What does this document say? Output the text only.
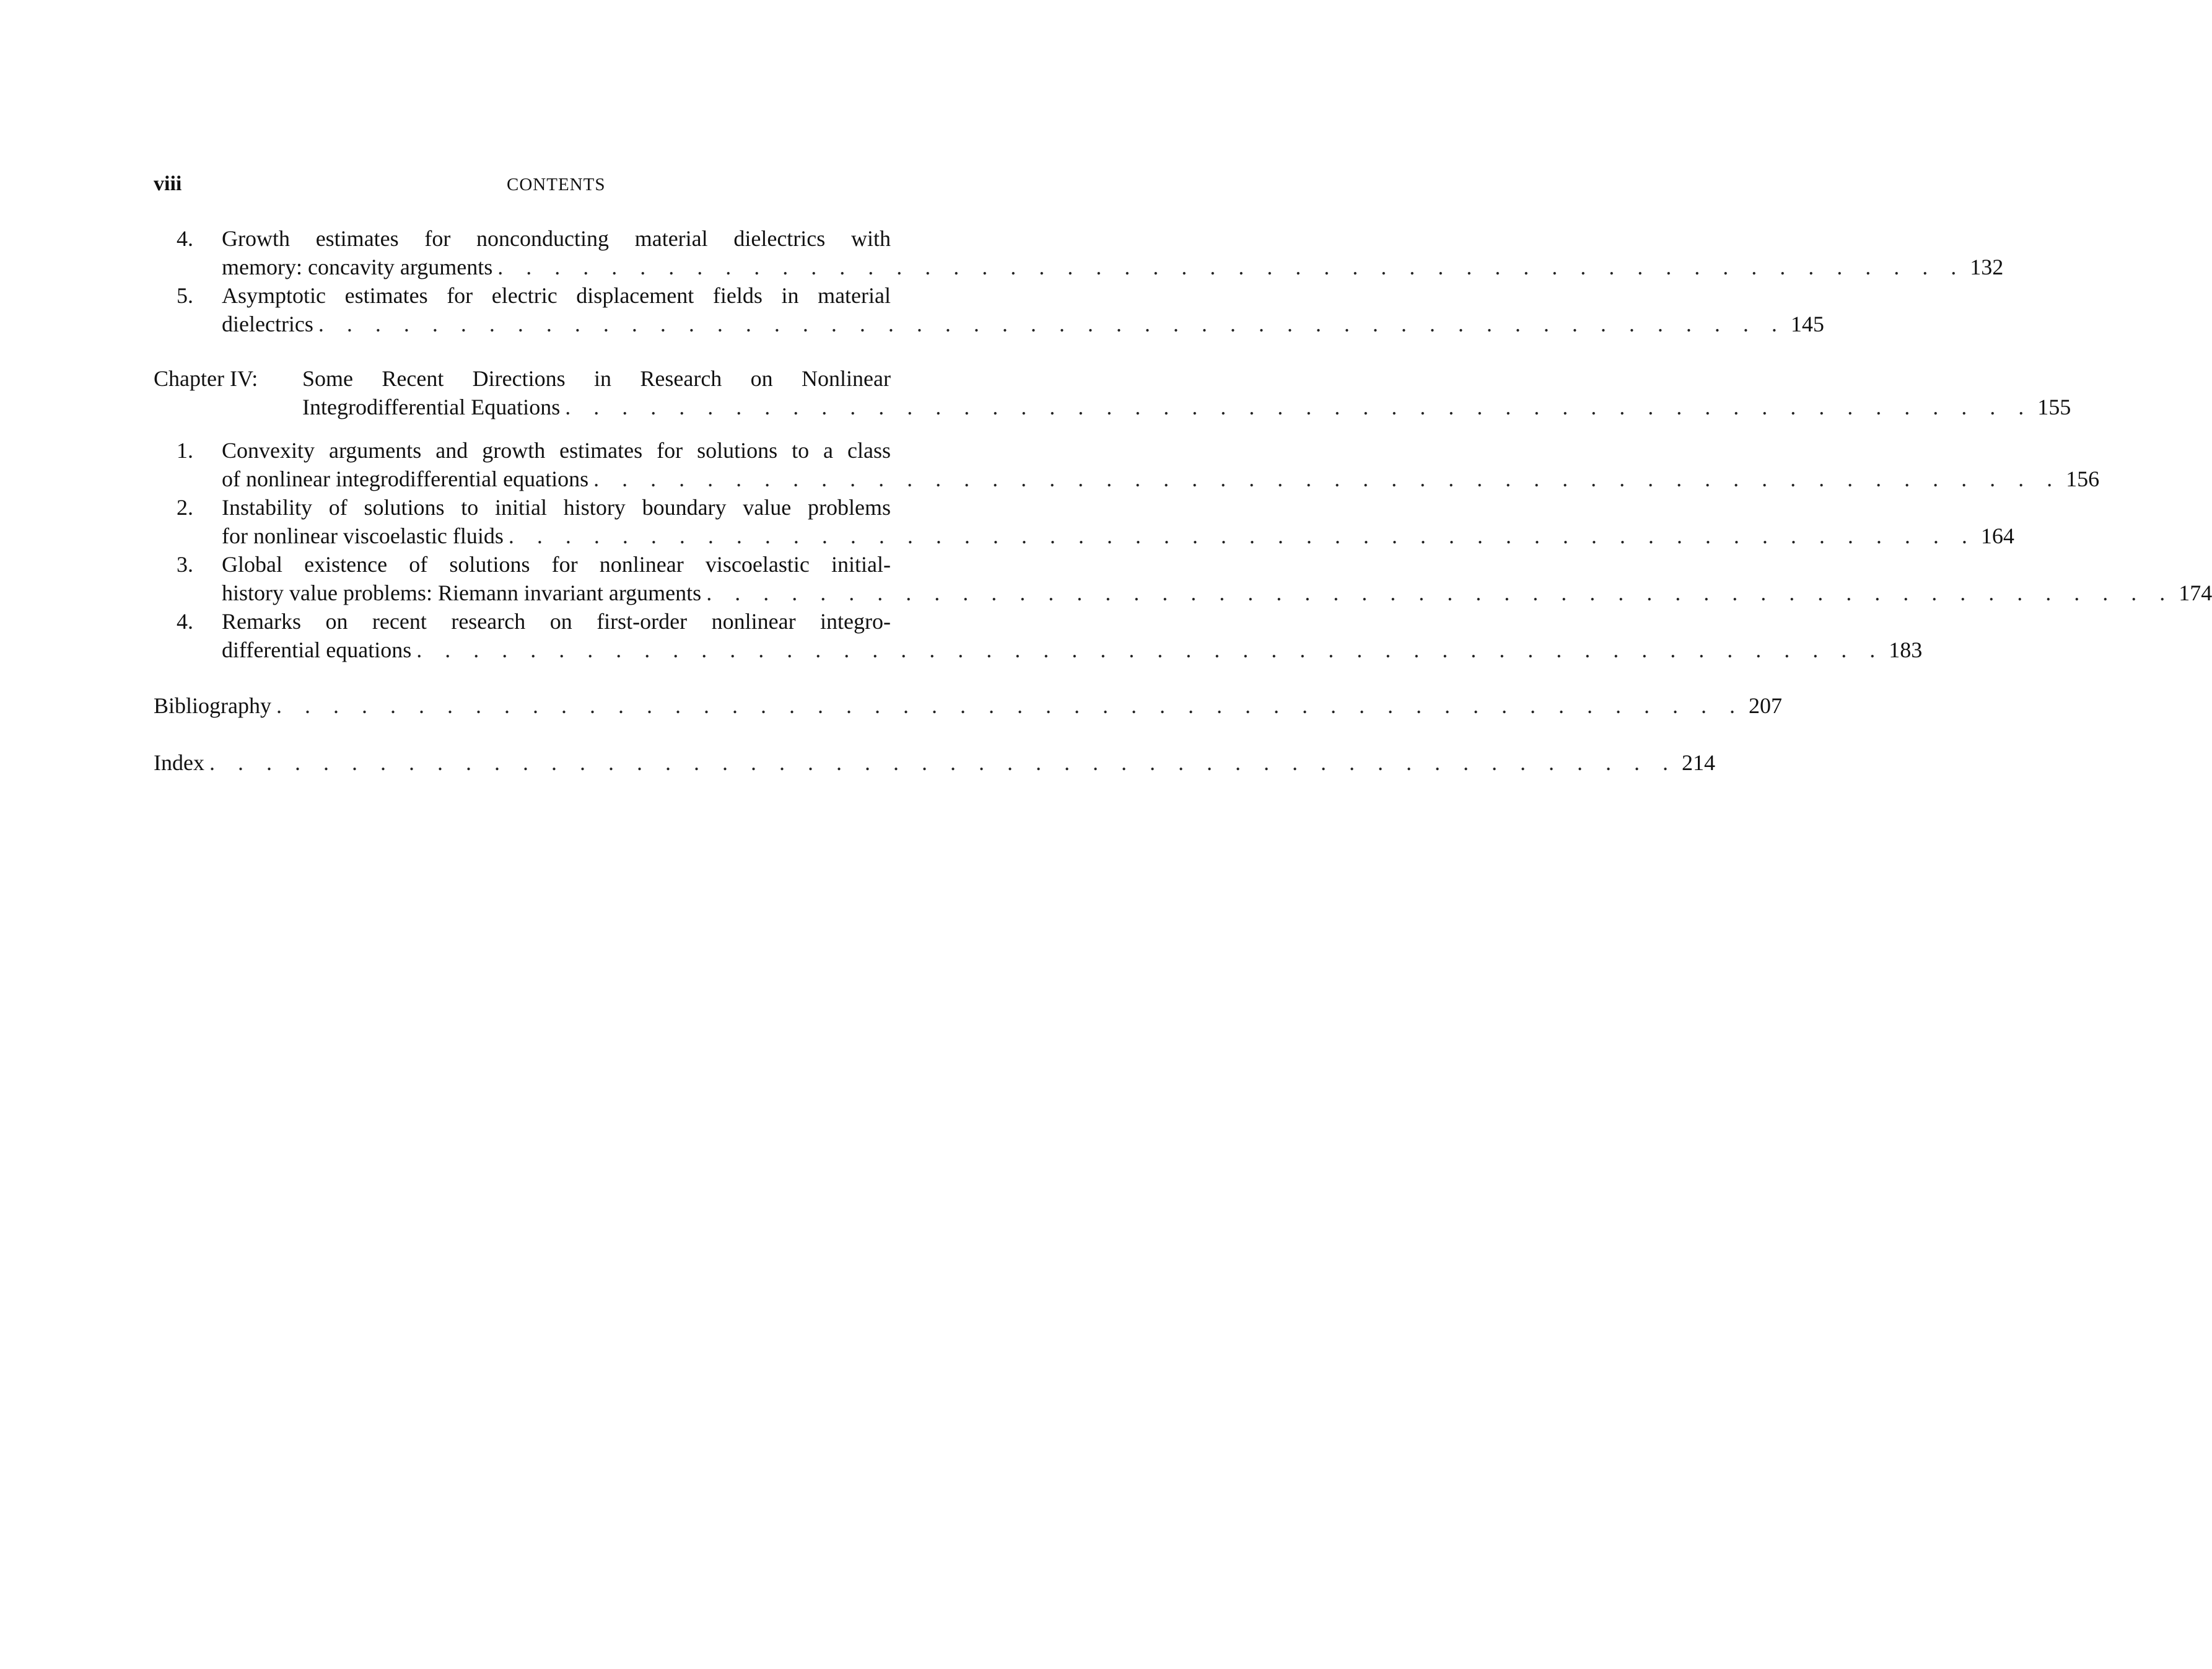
viii	CONTENTS
4. Growth estimates for nonconducting material dielectrics with
memory: concavity arguments . . . . . . . . . . . . . . . . . . . . . . . . . . . . . . . . . . . . . . . . . . . . . . . . . . . . 132
5. Asymptotic estimates for electric displacement fields in material
dielectrics . . . . . . . . . . . . . . . . . . . . . . . . . . . . . . . . . . . . . . . . . . . . . . . . . . . . 145
Chapter IV: Some Recent Directions in Research on Nonlinear
Integrodifferential Equations . . . . . . . . . . . . . . . . . . . . . . . . . . . . . . . . . . . . . . . . . . . . . . . . . . . . 155
1. Convexity arguments and growth estimates for solutions to a class
of nonlinear integrodifferential equations . . . . . . . . . . . . . . . . . . . . . . . . . . . . . . . . . . . . . . . . . . . . . . . . . . . . 156
2. Instability of solutions to initial history boundary value problems
for nonlinear viscoelastic fluids . . . . . . . . . . . . . . . . . . . . . . . . . . . . . . . . . . . . . . . . . . . . . . . . . . . . 164
3. Global existence of solutions for nonlinear viscoelastic initial-
history value problems: Riemann invariant arguments . . . . . . . . . . . . . . . . . . . . . . . . . . . . . . . . . . . . . . . . . . . . . . . . . . . . 174
4. Remarks on recent research on first-order nonlinear integro-
differential equations . . . . . . . . . . . . . . . . . . . . . . . . . . . . . . . . . . . . . . . . . . . . . . . . . . . . 183
Bibliography . . . . . . . . . . . . . . . . . . . . . . . . . . . . . . . . . . . . . . . . . . . . . . . . . . . . 207
Index . . . . . . . . . . . . . . . . . . . . . . . . . . . . . . . . . . . . . . . . . . . . . . . . . . . . 214
